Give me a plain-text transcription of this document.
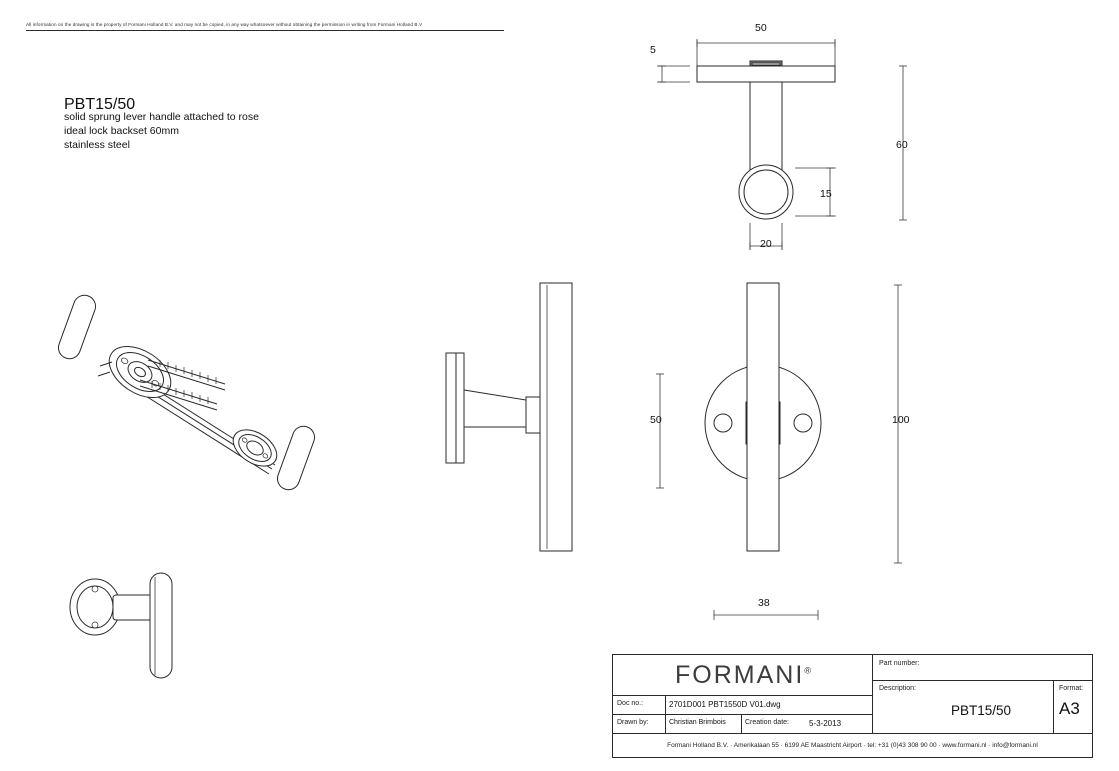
All information on the drawing is the property of Formani Holland B.V. and may not be copied, in any way whatsoever without obtaining the permission in writing from Formani Holland B.V
PBT15/50
solid sprung lever handle attached to rose
ideal lock backset 60mm
stainless steel
50
5
60
15
20
50	100
38
FORMANI®
Doc no.:	2701D001 PBT1550D V01.dwg
Drawn by:	Christian Brimbois	Creation date:	5-3-2013
Part number:
Description:
PBT15/50
Format:
A3
Formani Holland B.V. · Amerikalaan 55 · 6199 AE Maastricht Airport · tel: +31 (0)43 308 90 00 · www.formani.nl · info@formani.nl
